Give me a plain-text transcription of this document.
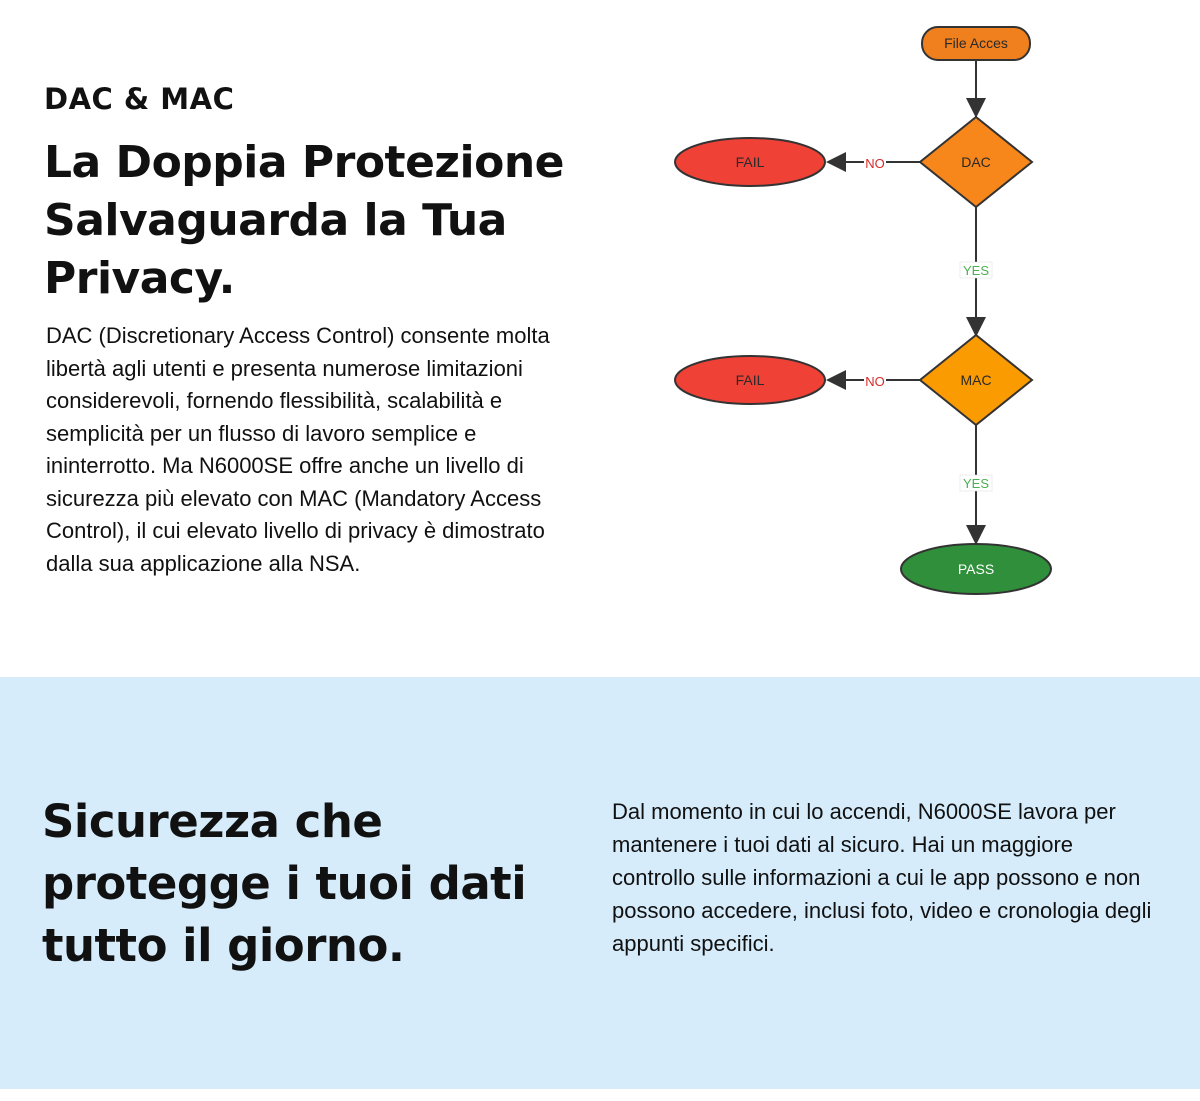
DAC & MAC
La Doppia Protezione Salvaguarda la Tua Privacy.
DAC (Discretionary Access Control) consente molta libertà agli utenti e presenta numerose limitazioni considerevoli, fornendo flessibilità, scalabilità e semplicità per un flusso di lavoro semplice e ininterrotto. Ma N6000SE offre anche un livello di sicurezza più elevato con MAC (Mandatory Access Control), il cui elevato livello di privacy è dimostrato dalla sua applicazione alla NSA.
NO
YES
NO
YES
File Acces
DAC
FAIL
MAC
FAIL
PASS
Sicurezza che protegge i tuoi dati tutto il giorno.
Dal momento in cui lo accendi, N6000SE lavora per mantenere i tuoi dati al sicuro. Hai un maggiore controllo sulle informazioni a cui le app possono e non possono accedere, inclusi foto, video e cronologia degli appunti specifici.
